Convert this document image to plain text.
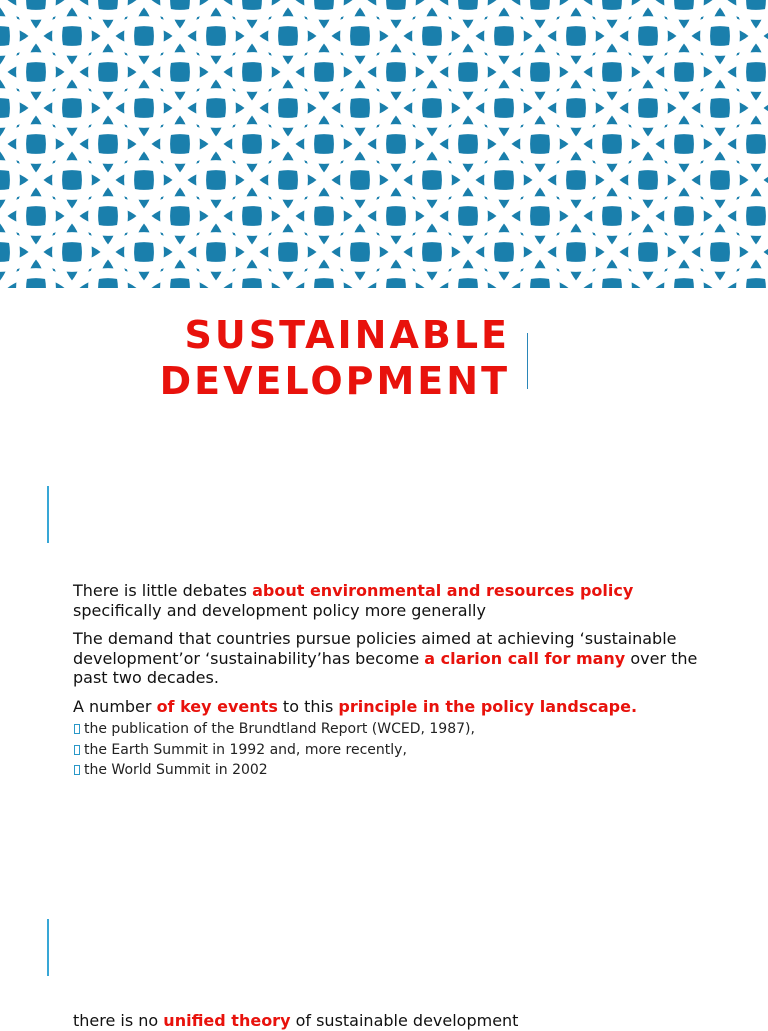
SUSTAINABLE
DEVELOPMENT

There is little debates about environmental and resources policy specifically and development policy more generally

The demand that countries pursue policies aimed at achieving ‘sustainable development’or ‘sustainability’has become a clarion call for many over the past two decades.

A number of key events to this principle in the policy landscape.

the publication of the Brundtland Report (WCED, 1987),
the Earth Summit in 1992 and, more recently,
the World Summit in 2002
there is no unified theory of sustainable development
